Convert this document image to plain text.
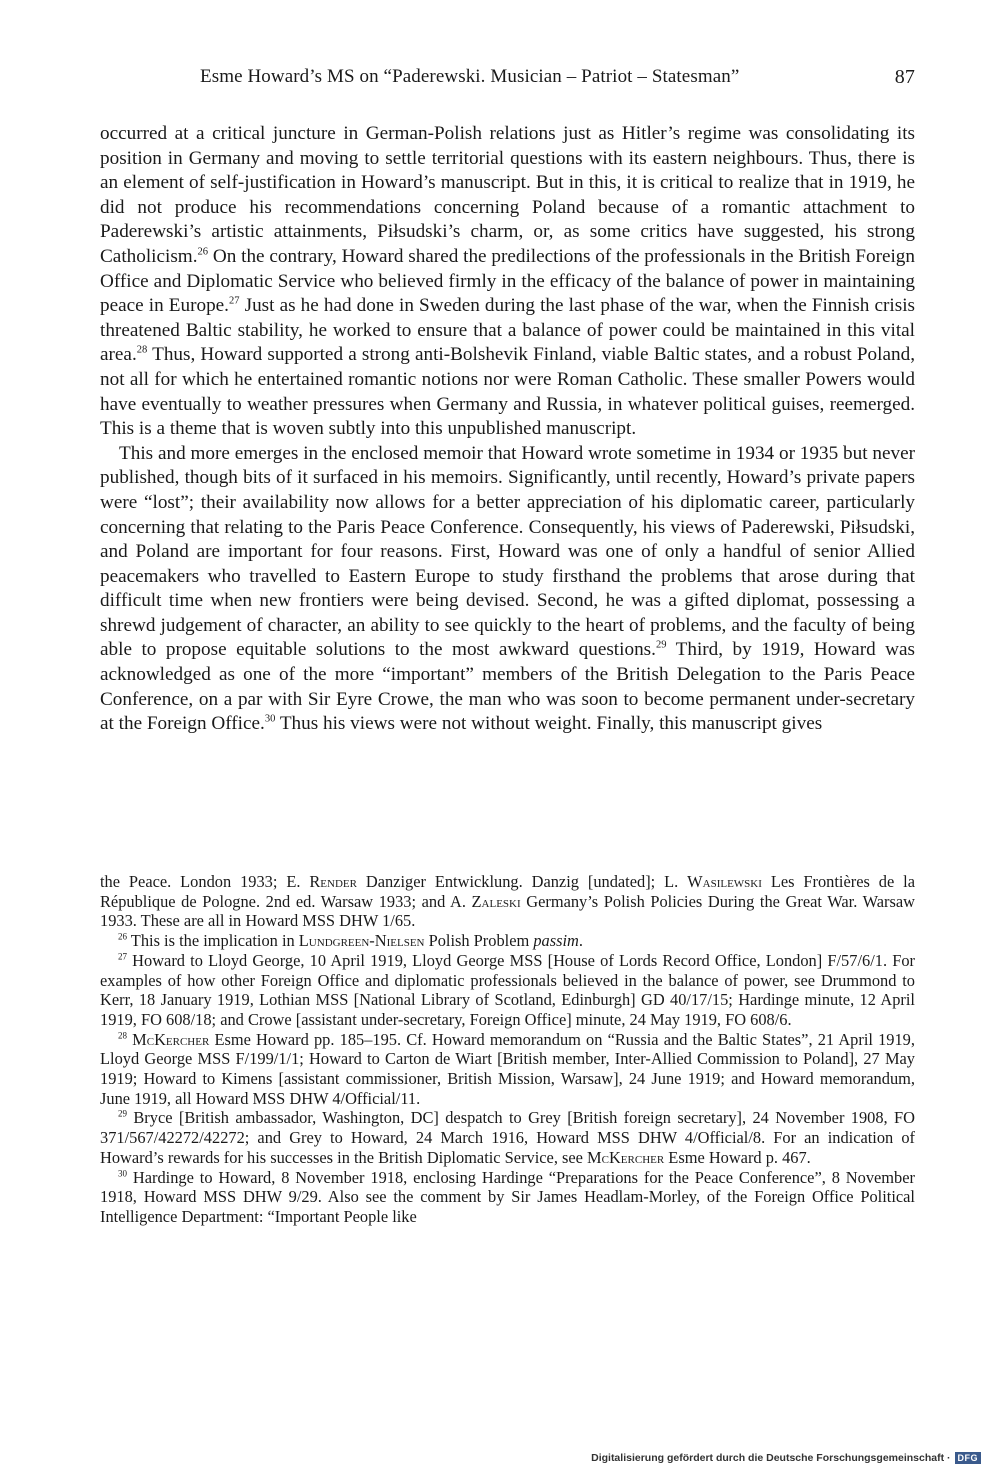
Esme Howard’s MS on “Paderewski. Musician – Patriot – Statesman”	87

occurred at a critical juncture in German-Polish relations just as Hitler’s regime was consolidating its position in Germany and moving to settle territorial questions with its eastern neighbours. Thus, there is an element of self-justification in Howard’s manuscript. But in this, it is critical to realize that in 1919, he did not produce his recommendations concerning Poland because of a romantic attachment to Paderewski’s artistic attainments, Piłsudski’s charm, or, as some critics have suggested, his strong Catholicism.$^{26}$ On the contrary, Howard shared the predilections of the professionals in the British Foreign Office and Diplomatic Service who believed firmly in the efficacy of the balance of power in maintaining peace in Europe.$^{27}$ Just as he had done in Sweden during the last phase of the war, when the Finnish crisis threatened Baltic stability, he worked to ensure that a balance of power could be maintained in this vital area.$^{28}$ Thus, Howard supported a strong anti-Bolshevik Finland, viable Baltic states, and a robust Poland, not all for which he entertained romantic notions nor were Roman Catholic. These smaller Powers would have eventually to weather pressures when Germany and Russia, in whatever political guises, reemerged. This is a theme that is woven subtly into this unpublished manuscript.

This and more emerges in the enclosed memoir that Howard wrote sometime in 1934 or 1935 but never published, though bits of it surfaced in his memoirs. Significantly, until recently, Howard’s private papers were “lost”; their availability now allows for a better appreciation of his diplomatic career, particularly concerning that relating to the Paris Peace Conference. Consequently, his views of Paderewski, Piłsudski, and Poland are important for four reasons. First, Howard was one of only a handful of senior Allied peacemakers who travelled to Eastern Europe to study firsthand the problems that arose during that difficult time when new frontiers were being devised. Second, he was a gifted diplomat, possessing a shrewd judgement of character, an ability to see quickly to the heart of problems, and the faculty of being able to propose equitable solutions to the most awkward questions.$^{29}$ Third, by 1919, Howard was acknowledged as one of the more “important” members of the British Delegation to the Paris Peace Conference, on a par with Sir Eyre Crowe, the man who was soon to become permanent under-secretary at the Foreign Office.$^{30}$ Thus his views were not without weight. Finally, this manuscript gives

the Peace. London 1933; E. Render Danziger Entwicklung. Danzig [undated]; L. Wasilewski Les Frontières de la République de Pologne. 2nd ed. Warsaw 1933; and A. Zaleski Germany’s Polish Policies During the Great War. Warsaw 1933. These are all in Howard MSS DHW 1/65.

$^{26}$ This is the implication in Lundgreen-Nielsen Polish Problem passim.

$^{27}$ Howard to Lloyd George, 10 April 1919, Lloyd George MSS [House of Lords Record Office, London] F/57/6/1. For examples of how other Foreign Office and diplomatic professionals believed in the balance of power, see Drummond to Kerr, 18 January 1919, Lothian MSS [National Library of Scotland, Edinburgh] GD 40/17/15; Hardinge minute, 12 April 1919, FO 608/18; and Crowe [assistant under-secretary, Foreign Office] minute, 24 May 1919, FO 608/6.

$^{28}$ McKercher Esme Howard pp. 185–195. Cf. Howard memorandum on “Russia and the Baltic States”, 21 April 1919, Lloyd George MSS F/199/1/1; Howard to Carton de Wiart [British member, Inter-Allied Commission to Poland], 27 May 1919; Howard to Kimens [assistant commissioner, British Mission, Warsaw], 24 June 1919; and Howard memorandum, June 1919, all Howard MSS DHW 4/Official/11.

$^{29}$ Bryce [British ambassador, Washington, DC] despatch to Grey [British foreign secretary], 24 November 1908, FO 371/567/42272/42272; and Grey to Howard, 24 March 1916, Howard MSS DHW 4/Official/8. For an indication of Howard’s rewards for his successes in the British Diplomatic Service, see McKercher Esme Howard p. 467.

$^{30}$ Hardinge to Howard, 8 November 1918, enclosing Hardinge “Preparations for the Peace Conference”, 8 November 1918, Howard MSS DHW 9/29. Also see the comment by Sir James Headlam-Morley, of the Foreign Office Political Intelligence Department: “Important People like

Digitalisierung gefördert durch die Deutsche Forschungsgemeinschaft · DFG
